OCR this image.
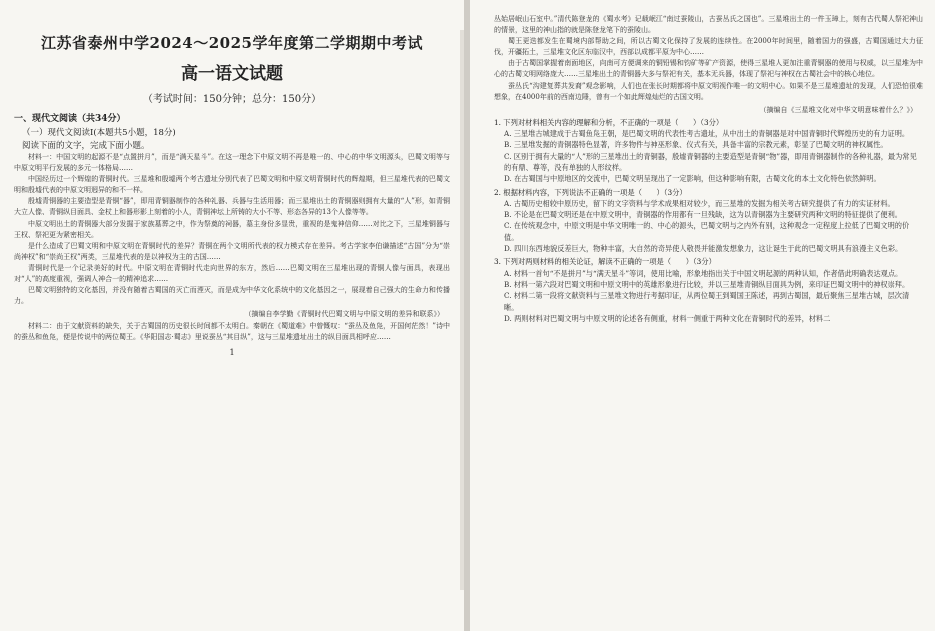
江苏省泰州中学2024～2025学年度第二学期期中考试
高一语文试题
（考试时间：150分钟；总分：150分）
一、现代文阅读（共34分）
（一）现代文阅读Ⅰ(本题共5小题，18分)
阅读下面的文字，完成下面小题。

材料一：中国文明的起源不是“点置拼月”，而是“满天星斗”。在这一理念下中原文明不再是唯一的、中心的中华文明源头，巴蜀文明等与中原文明平行发展的多元一体格局……

中国经历过一个辉煌的青铜时代。三星堆和殷墟两个考古遗址分别代表了巴蜀文明和中原文明青铜时代的辉煌期，但三星堆代表的巴蜀文明和殷墟代表的中原文明迥异的和不一样。

殷墟青铜器的主要造型是青铜“器”，即用青铜器制作的各种礼器、兵器与生活用器；而三星堆出土的青铜器则拥有大量的“人”形，如青铜大立人像、青铜纵目面具、金杖上和器形影上刻着的小人，青铜神坛上所铸的大小不等、形态各异的13个人像等等。

中原文明出土的青铜器大部分发掘于家族墓葬之中，作为祭奠的祠器，墓主身份多显贵，重视的是鬼神信仰……对比之下，三星堆铜器与王权、祭祀更为紧密相关。

是什么造成了巴蜀文明和中原文明在青铜时代的差异？青铜在两个文明所代表的权力模式存在差异。考古学家李伯谦描述“古国”分为“崇尚神权”和“崇尚王权”两类，三星堆代表的是以神权为主的古国……

青铜时代是一个记录美好的时代。中原文明在青铜时代走向世界的东方，然后……巴蜀文明在三星堆出现的青铜人像与面具，表现出对“人”的高度重视，强调人神合一的精神追求……

巴蜀文明独特的文化基因，并没有随着古蜀国的灭亡而湮灭，而是成为中华文化系统中的文化基因之一，展现着自己强大的生命力和传播力。

（摘编自李学勤《青铜时代巴蜀文明与中原文明的差异和联系》）

材料二：由于文献资料的缺失，关于古蜀国的历史很长时间都不太明白。秦朝在《蜀道难》中曾慨叹：“蚕丛及鱼凫，开国何茫然！”诗中的蚕丛和鱼凫，便是传说中的两位蜀王。《华阳国志·蜀志》里说蚕丛“其目纵”，这与三星堆遗址出土的纵目面具相呼应……

1

丛始居岷山石室中。”清代陈登龙的《蜀水考》记载岷江“南过蚕陵山，古蚕丛氏之国也”。三星堆出土的一件玉璋上，刻有古代蜀人祭祀神山的情景，这里的神山指的就是陈登龙笔下的蚕陵山。

蜀王更迭都发生在蜀境内部帮助之间，所以古蜀文化保持了发展的连续性。在2000年时间里，随着国力的强盛，古蜀国通过大力征伐，开疆拓土，三星堆文化区东临汉中，西部以成都平原为中心……

由于古蜀国掌握着南面地区，向南可方便调来的铜铅锡和钧矿等矿产资源，使得三星堆人更加注重青铜器的使用与权威，以三星堆为中心的古蜀文明网络庞大……三星堆出土的青铜器大多与祭祀有关，基本无兵器，体现了祭祀与神权在古蜀社会中的核心地位。

蚕丛氏“沟建复葬共发裔”观念影响，人们也在张长时期都将中原文明视作唯一的文明中心。如果不是三星堆遗址的发现，人们恐怕很难想象，在4000年前的西南边陲，曾有一个如此辉煌灿烂的古国文明。

（摘编自《三星堆文化对中华文明意味着什么？》）
1. 下列对材料相关内容的理解和分析，不正确的一项是（　　）（3分）
A. 三星堆古城建成于古蜀鱼凫王朝，是巴蜀文明的代表性考古遗址，从中出土的青铜器是对中国青铜时代辉煌历史的有力证明。
B. 三星堆发掘的青铜器特色显著，许多物件与神巫形象、仪式有关，具备丰富的宗教元素，彰显了巴蜀文明的神权属性。
C. 区别于拥有大量的“人”形的三星堆出土的青铜器，殷墟青铜器的主要造型是青铜“物”器，即用青铜器制作的各种礼器，最为常见的有鼎、尊等，没有单独的人形纹样。
D. 在古蜀国与中原地区的交流中，巴蜀文明呈现出了一定影响，但这种影响有限，古蜀文化的本土文化特色依然鲜明。
2. 根据材料内容，下列说法不正确的一项是（　　）（3分）
A. 古蜀历史相较中原历史，留下的文字资料与学术成果相对较少，而三星堆的发掘为相关考古研究提供了有力的实证材料。
B. 不论是在巴蜀文明还是在中原文明中，青铜器的作用都有一旦残缺，这为以青铜器为主要研究两种文明的特征提供了便利。
C. 在传统观念中，中原文明是中华文明唯一的、中心的源头，巴蜀文明与之内外有别，这种观念一定程度上拉低了巴蜀文明的价值。
D. 四川东西地貌反差巨大，物种丰富，大自然的奇异使人敬畏并能激发想象力，这让诞生于此的巴蜀文明具有浪漫主义色彩。
3. 下列对两则材料的相关论证，解读不正确的一项是（　　）（3分）
A. 材料一首句“不是拼月”与“满天星斗”等词，使用比喻，形象地指出关于中国文明起源的两种认知，作者借此明确表达观点。
B. 材料一第六段对巴蜀文明和中原文明中的英雄形象进行比较，并以三星堆青铜纵目面具为例，来印证巴蜀文明中的神权崇拜。
C. 材料二第一段将文献资料与三星堆文物进行考据印证，从两位蜀王到蜀国王陈述，再到古蜀国，最后聚焦三星堆古城，层次清晰。
D. 两则材料对巴蜀文明与中原文明的论述各有侧重，材料一侧重于两种文化在青铜时代的差异，材料二
